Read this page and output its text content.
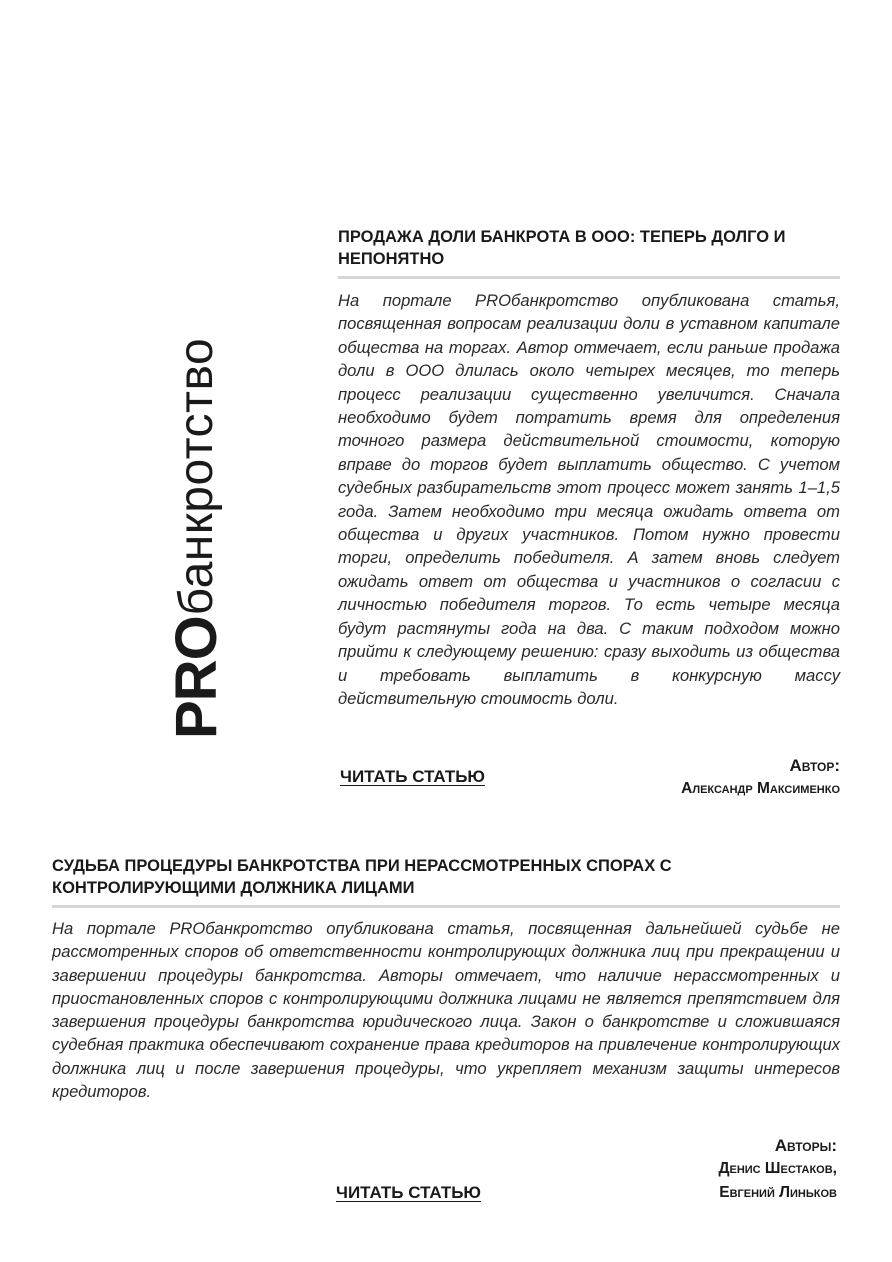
PRO
банкротство
ПРОДАЖА ДОЛИ БАНКРОТА В ООО: ТЕПЕРЬ ДОЛГО И НЕПОНЯТНО

На портале PROбанкротство опубликована статья, посвященная вопросам реализации доли в уставном капитале общества на торгах. Автор отмечает, если раньше продажа доли в ООО длилась около четырех месяцев, то теперь процесс реализации существенно увеличится. Сначала необходимо будет потратить время для определения точного размера действительной стоимости, которую вправе до торгов будет выплатить общество. С учетом судебных разбирательств этот процесс может занять 1–1,5 года. Затем необходимо три месяца ожидать ответа от общества и других участников. Потом нужно провести торги, определить победителя. А затем вновь следует ожидать ответ от общества и участников о согласии с личностью победителя торгов. То есть четыре месяца будут растянуты года на два. С таким подходом можно прийти к следующему решению: сразу выходить из общества и требовать выплатить в конкурсную массу действительную стоимость доли.

ЧИТАТЬ СТАТЬЮ
Автор:
Александр Максименко
СУДЬБА ПРОЦЕДУРЫ БАНКРОТСТВА ПРИ НЕРАССМОТРЕННЫХ СПОРАХ С КОНТРОЛИРУЮЩИМИ ДОЛЖНИКА ЛИЦАМИ

На портале PROбанкротство опубликована статья, посвященная дальнейшей судьбе не рассмотренных споров об ответственности контролирующих должника лиц при прекращении и завершении процедуры банкротства. Авторы отмечает, что наличие нерассмотренных и приостановленных споров с контролирующими должника лицами не является препятствием для завершения процедуры банкротства юридического лица. Закон о банкротстве и сложившаяся судебная практика обеспечивают сохранение права кредиторов на привлечение контролирующих должника лиц и после завершения процедуры, что укрепляет механизм защиты интересов кредиторов.

ЧИТАТЬ СТАТЬЮ
Авторы:
Денис Шестаков,
Евгений Линьков
